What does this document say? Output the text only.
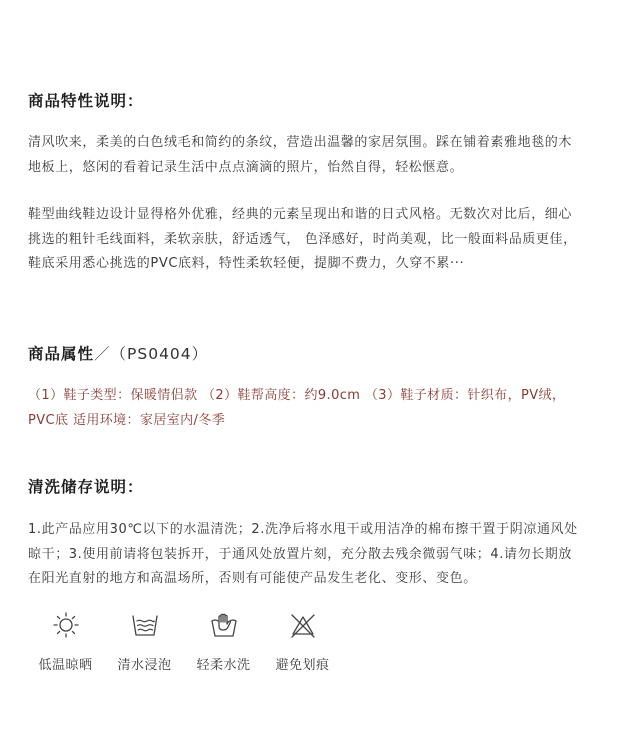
商品特性说明：

清风吹来，柔美的白色绒毛和简约的条纹，营造出温馨的家居氛围。踩在铺着素雅地毯的木
地板上，悠闲的看着记录生活中点点滴滴的照片，怡然自得，轻松惬意。

鞋型曲线鞋边设计显得格外优雅，经典的元素呈现出和谐的日式风格。无数次对比后，细心
挑选的粗针毛线面料，柔软亲肤，舒适透气， 色泽感好，时尚美观，比一般面料品质更佳，
鞋底采用悉心挑选的PVC底料，特性柔软轻便，提脚不费力，久穿不累···

商品属性／（PS0404）

（1）鞋子类型：保暖情侣款 （2）鞋帮高度：约9.0cm （3）鞋子材质：针织布，PV绒，
PVC底 适用环境：家居室内/冬季

清洗储存说明：

1.此产品应用30℃以下的水温清洗；2.洗净后将水甩干或用洁净的棉布擦干置于阴凉通风处
晾干；3.使用前请将包装拆开，于通风处放置片刻，充分散去残余微弱气味；4.请勿长期放
在阳光直射的地方和高温场所，否则有可能使产品发生老化、变形、变色。

低温晾晒 清水浸泡 轻柔水洗 避免划痕
